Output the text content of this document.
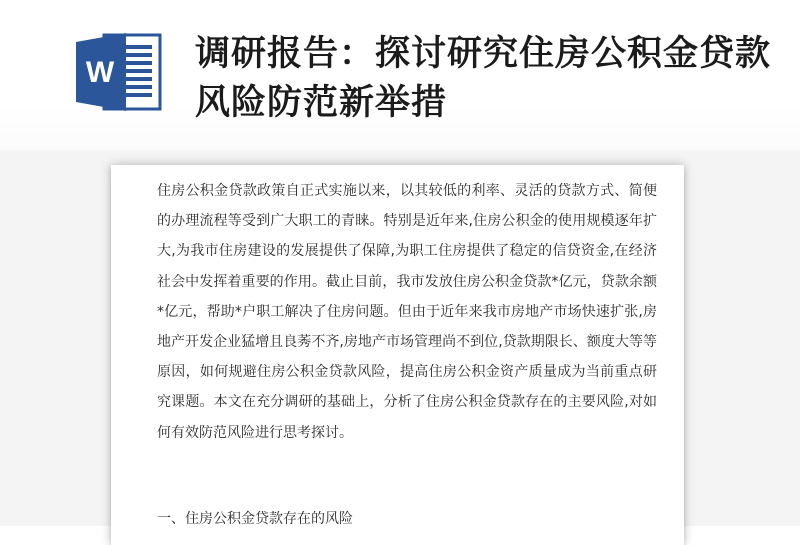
W 调研报告：探讨研究住房公积金贷款风险防范新举措

住房公积金贷款政策自正式实施以来，以其较低的利率、灵活的贷款方式、简便的办理流程等受到广大职工的青睐。特别是近年来,住房公积金的使用规模逐年扩大,为我市住房建设的发展提供了保障,为职工住房提供了稳定的信贷资金,在经济社会中发挥着重要的作用。截止目前，我市发放住房公积金贷款*亿元，贷款余额*亿元，帮助*户职工解决了住房问题。但由于近年来我市房地产市场快速扩张,房地产开发企业猛增且良莠不齐,房地产市场管理尚不到位,贷款期限长、额度大等等原因，如何规避住房公积金贷款风险，提高住房公积金资产质量成为当前重点研究课题。本文在充分调研的基础上，分析了住房公积金贷款存在的主要风险,对如何有效防范风险进行思考探讨。

一、住房公积金贷款存在的风险
